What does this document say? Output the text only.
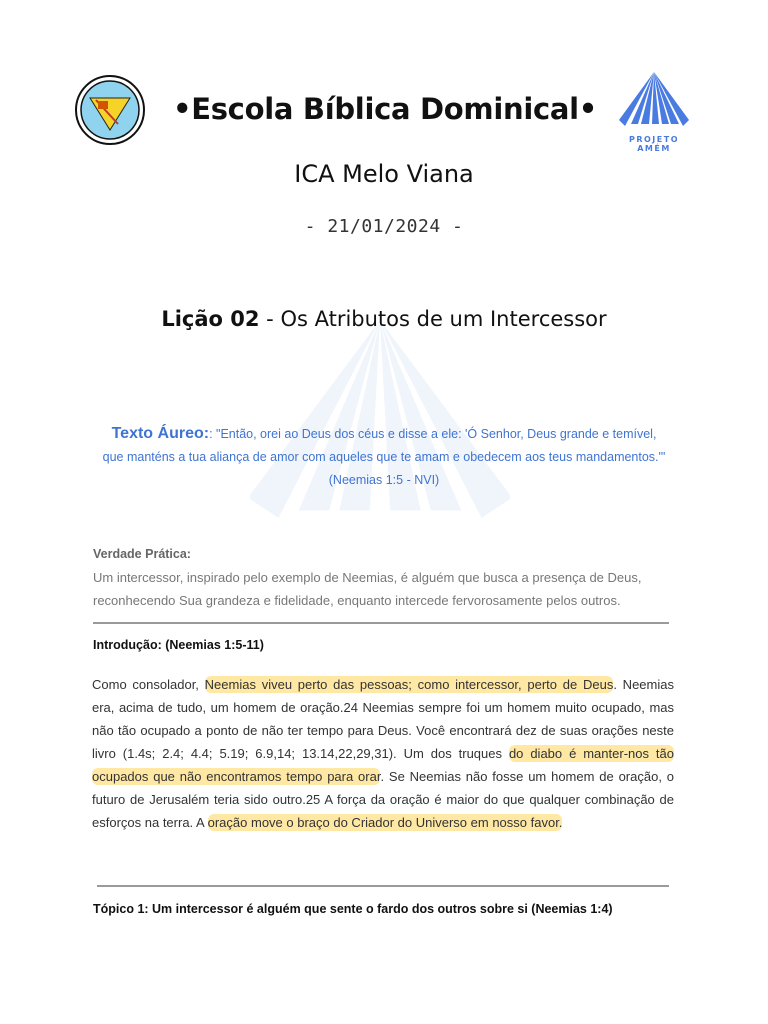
•Escola Bíblica Dominical•
PROJETO
AMÉM
ICA Melo Viana
- 21/01/2024 -
Lição 02 - Os Atributos de um Intercessor
Texto Áureo:: "Então, orei ao Deus dos céus e disse a ele: 'Ó Senhor, Deus grande e temível,
que manténs a tua aliança de amor com aqueles que te amam e obedecem aos teus mandamentos.'"
(Neemias 1:5 - NVI)
Verdade Prática:
Um intercessor, inspirado pelo exemplo de Neemias, é alguém que busca a presença de Deus, reconhecendo Sua grandeza e fidelidade, enquanto intercede fervorosamente pelos outros.
Introdução: (Neemias 1:5-11)
Como consolador, Neemias viveu perto das pessoas; como intercessor, perto de Deus. Neemias era, acima de tudo, um homem de oração.24 Neemias sempre foi um homem muito ocupado, mas não tão ocupado a ponto de não ter tempo para Deus. Você encontrará dez de suas orações neste livro (1.4s; 2.4; 4.4; 5.19; 6.9,14; 13.14,22,29,31). Um dos truques do diabo é manter-nos tão ocupados que não encontramos tempo para orar. Se Neemias não fosse um homem de oração, o futuro de Jerusalém teria sido outro.25 A força da oração é maior do que qualquer combinação de esforços na terra. A oração move o braço do Criador do Universo em nosso favor.
Tópico 1: Um intercessor é alguém que sente o fardo dos outros sobre si (Neemias 1:4)
